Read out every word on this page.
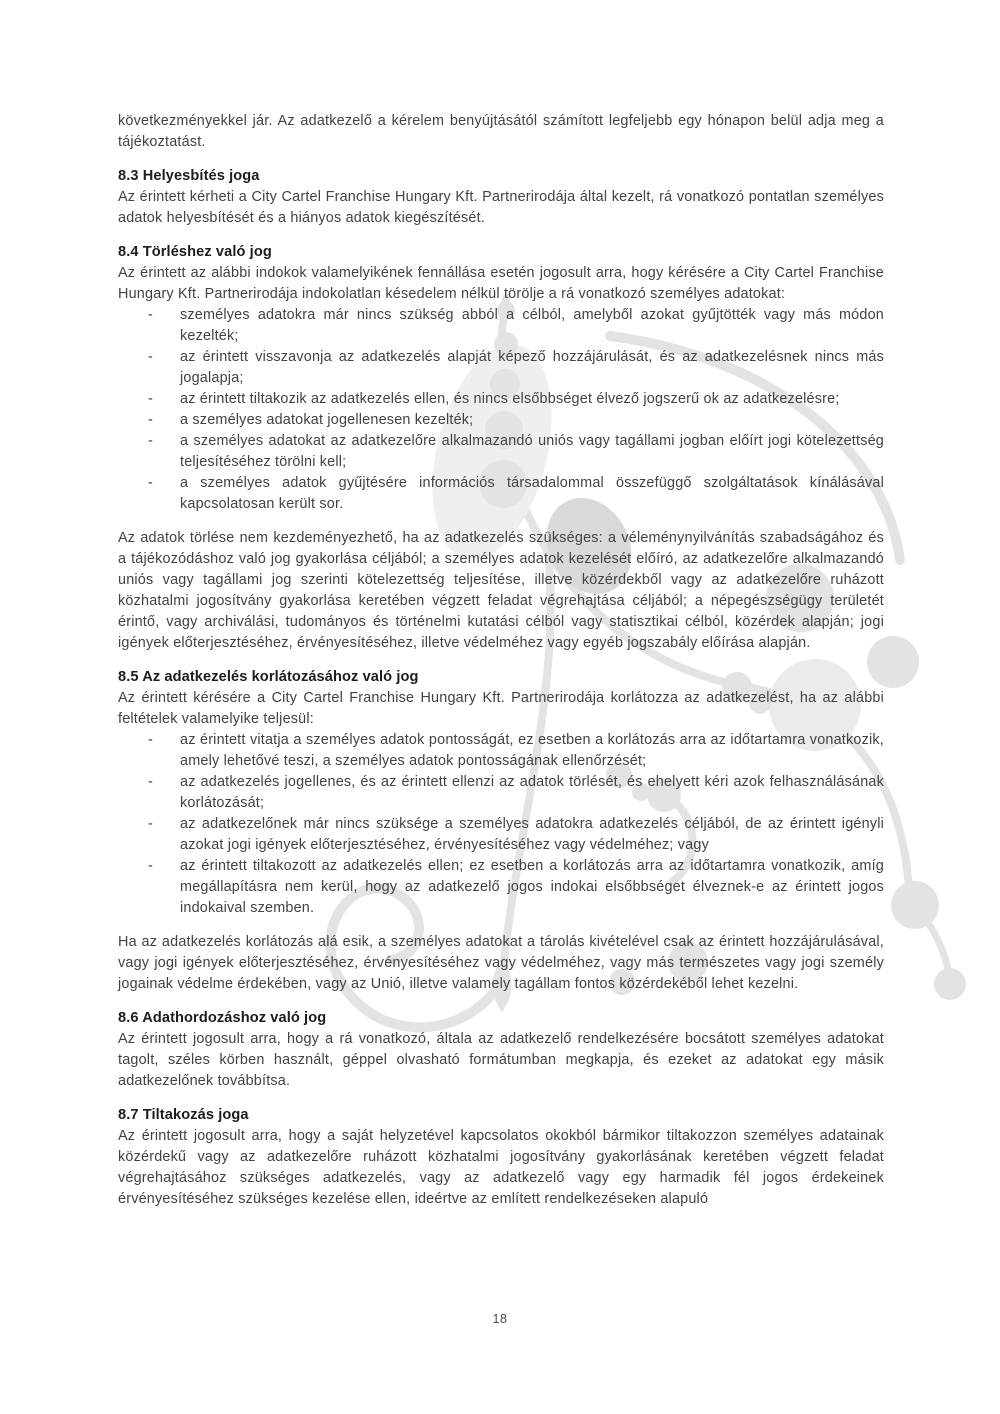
következményekkel jár. Az adatkezelő a kérelem benyújtásától számított legfeljebb egy hónapon belül adja meg a tájékoztatást.

8.3 Helyesbítés joga

Az érintett kérheti a City Cartel Franchise Hungary Kft. Partnerirodája által kezelt, rá vonatkozó pontatlan személyes adatok helyesbítését és a hiányos adatok kiegészítését.

8.4 Törléshez való jog

Az érintett az alábbi indokok valamelyikének fennállása esetén jogosult arra, hogy kérésére a City Cartel Franchise Hungary Kft. Partnerirodája indokolatlan késedelem nélkül törölje a rá vonatkozó személyes adatokat:

- személyes adatokra már nincs szükség abból a célból, amelyből azokat gyűjtötték vagy más módon kezelték;
- az érintett visszavonja az adatkezelés alapját képező hozzájárulását, és az adatkezelésnek nincs más jogalapja;
- az érintett tiltakozik az adatkezelés ellen, és nincs elsőbbséget élvező jogszerű ok az adatkezelésre;
- a személyes adatokat jogellenesen kezelték;
- a személyes adatokat az adatkezelőre alkalmazandó uniós vagy tagállami jogban előírt jogi kötelezettség teljesítéséhez törölni kell;
- a személyes adatok gyűjtésére információs társadalommal összefüggő szolgáltatások kínálásával kapcsolatosan került sor.

Az adatok törlése nem kezdeményezhető, ha az adatkezelés szükséges: a véleménynyilvánítás szabadságához és a tájékozódáshoz való jog gyakorlása céljából; a személyes adatok kezelését előíró, az adatkezelőre alkalmazandó uniós vagy tagállami jog szerinti kötelezettség teljesítése, illetve közérdekből vagy az adatkezelőre ruházott közhatalmi jogosítvány gyakorlása keretében végzett feladat végrehajtása céljából; a népegészségügy területét érintő, vagy archiválási, tudományos és történelmi kutatási célból vagy statisztikai célból, közérdek alapján; jogi igények előterjesztéséhez, érvényesítéséhez, illetve védelméhez vagy egyéb jogszabály előírása alapján.

8.5 Az adatkezelés korlátozásához való jog

Az érintett kérésére a City Cartel Franchise Hungary Kft. Partnerirodája korlátozza az adatkezelést, ha az alábbi feltételek valamelyike teljesül:

- az érintett vitatja a személyes adatok pontosságát, ez esetben a korlátozás arra az időtartamra vonatkozik, amely lehetővé teszi, a személyes adatok pontosságának ellenőrzését;
- az adatkezelés jogellenes, és az érintett ellenzi az adatok törlését, és ehelyett kéri azok felhasználásának korlátozását;
- az adatkezelőnek már nincs szüksége a személyes adatokra adatkezelés céljából, de az érintett igényli azokat jogi igények előterjesztéséhez, érvényesítéséhez vagy védelméhez; vagy
- az érintett tiltakozott az adatkezelés ellen; ez esetben a korlátozás arra az időtartamra vonatkozik, amíg megállapításra nem kerül, hogy az adatkezelő jogos indokai elsőbbséget élveznek-e az érintett jogos indokaival szemben.

Ha az adatkezelés korlátozás alá esik, a személyes adatokat a tárolás kivételével csak az érintett hozzájárulásával, vagy jogi igények előterjesztéséhez, érvényesítéséhez vagy védelméhez, vagy más természetes vagy jogi személy jogainak védelme érdekében, vagy az Unió, illetve valamely tagállam fontos közérdekéből lehet kezelni.

8.6 Adathordozáshoz való jog

Az érintett jogosult arra, hogy a rá vonatkozó, általa az adatkezelő rendelkezésére bocsátott személyes adatokat tagolt, széles körben használt, géppel olvasható formátumban megkapja, és ezeket az adatokat egy másik adatkezelőnek továbbítsa.

8.7 Tiltakozás joga

Az érintett jogosult arra, hogy a saját helyzetével kapcsolatos okokból bármikor tiltakozzon személyes adatainak közérdekű vagy az adatkezelőre ruházott közhatalmi jogosítvány gyakorlásának keretében végzett feladat végrehajtásához szükséges adatkezelés, vagy az adatkezelő vagy egy harmadik fél jogos érdekeinek érvényesítéséhez szükséges kezelése ellen, ideértve az említett rendelkezéseken alapuló

18
